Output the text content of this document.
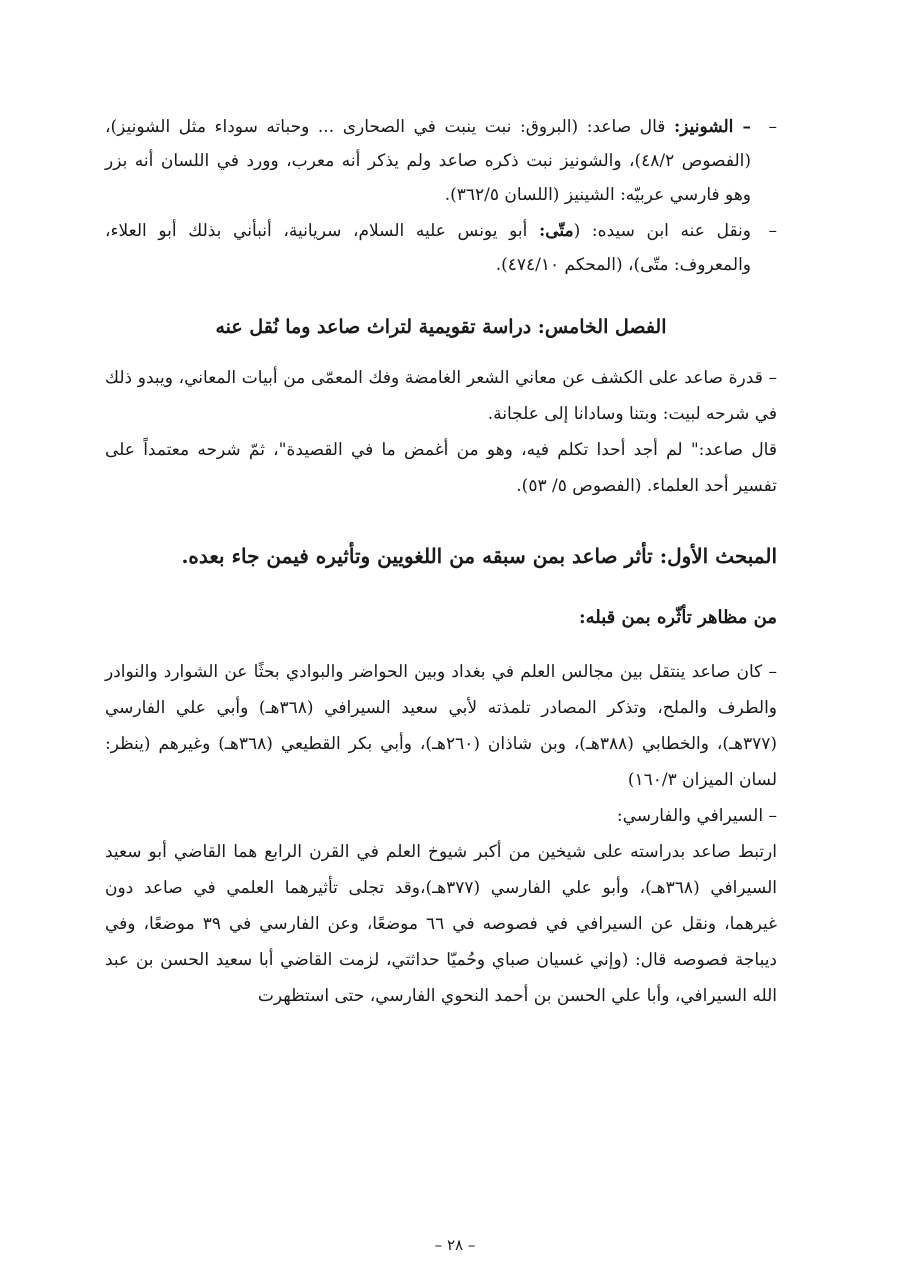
–
– الشونيز: قال صاعد: (البروق: نبت ينبت في الصحارى ... وحباته سوداء مثل الشونيز)، (الفصوص ٤٨/٢)، والشونيز نبت ذكره صاعد ولم يذكر أنه معرب، وورد في اللسان أنه بزر وهو فارسي عربيّه: الشينيز (اللسان ٣٦٢/٥).

–
ونقل عنه ابن سيده: (متّى: أبو يونس عليه السلام، سريانية، أنبأني بذلك أبو العلاء، والمعروف: متّى)، (المحكم ٤٧٤/١٠).

الفصل الخامس: دراسة تقويمية لتراث صاعد وما نُقل عنه

– قدرة صاعد على الكشف عن معاني الشعر الغامضة وفك المعمّى من أبيات المعاني، ويبدو ذلك في شرحه لبيت: وبتنا وسادانا إلى علجانة.

قال صاعد:" لم أجد أحدا تكلم فيه، وهو من أغمض ما في القصيدة"، ثمّ شرحه معتمداً على تفسير أحد العلماء. (الفصوص ٥/ ٥٣).

المبحث الأول: تأثر صاعد بمن سبقه من اللغويين وتأثيره فيمن جاء بعده.
من مظاهر تأثّره بمن قبله:

– كان صاعد ينتقل بين مجالس العلم في بغداد وبين الحواضر والبوادي بحثًا عن الشوارد والنوادر والطرف والملح، وتذكر المصادر تلمذته لأبي سعيد السيرافي (٣٦٨هـ) وأبي علي الفارسي (٣٧٧هـ)، والخطابي (٣٨٨هـ)، وبن شاذان (٢٦٠هـ)، وأبي بكر القطيعي (٣٦٨هـ) وغيرهم (ينظر: لسان الميزان ١٦٠/٣)

– السيرافي والفارسي:

ارتبط صاعد بدراسته على شيخين من أكبر شيوخ العلم في القرن الرابع هما القاضي أبو سعيد السيرافي (٣٦٨هـ)، وأبو علي الفارسي (٣٧٧هـ)،وقد تجلى تأثيرهما العلمي في صاعد دون غيرهما، ونقل عن السيرافي في فصوصه في ٦٦ موضعًا، وعن الفارسي في ٣٩ موضعًا، وفي ديباجة فصوصه قال: (وإني غسيان صباي وحُميّا حداثتي، لزمت القاضي أبا سعيد الحسن بن عبد الله السيرافي، وأبا علي الحسن بن أحمد النحوي الفارسي، حتى استظهرت

– ٢٨ –
